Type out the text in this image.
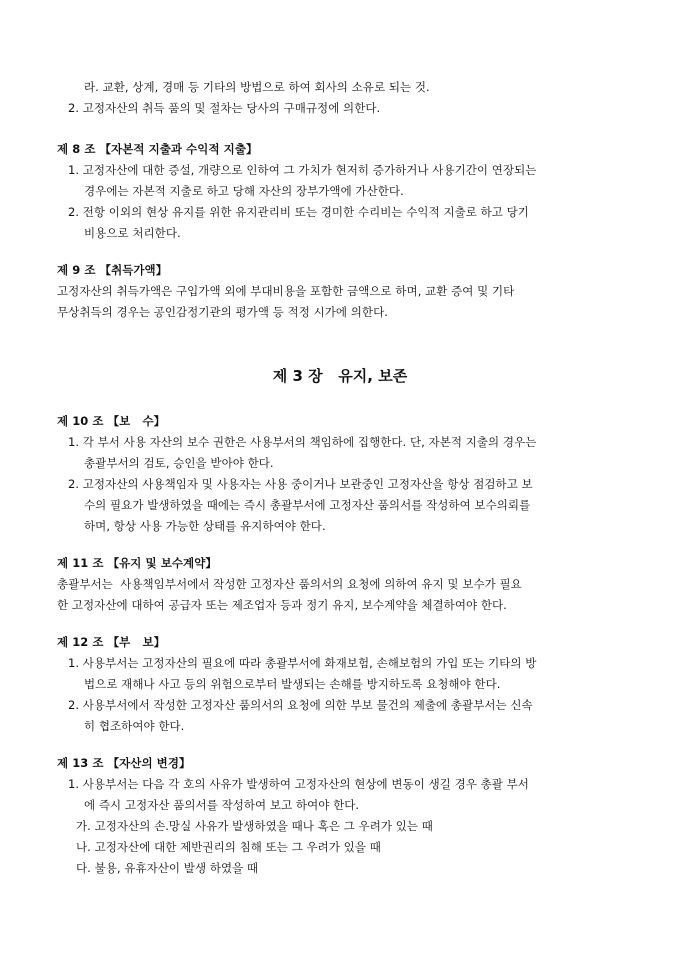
라. 교환, 상계, 경매 등 기타의 방법으로 하여 회사의 소유로 되는 것.
2. 고정자산의 취득 품의 및 절차는 당사의 구매규정에 의한다.
제 8 조 【자본적 지출과 수익적 지출】
1. 고정자산에 대한 증설, 개량으로 인하여 그 가치가 현저히 증가하거나 사용기간이 연장되는
경우에는 자본적 지출로 하고 당해 자산의 장부가액에 가산한다.
2. 전항 이외의 현상 유지를 위한 유지관리비 또는 경미한 수리비는 수익적 지출로 하고 당기
비용으로 처리한다.
제 9 조 【취득가액】
고정자산의 취득가액은 구입가액 외에 부대비용을 포함한 금액으로 하며, 교환 증여 및 기타
무상취득의 경우는 공인감정기관의 평가액 등 적정 시가에 의한다.
제 3 장   유지, 보존
제 10 조 【보   수】
1. 각 부서 사용 자산의 보수 권한은 사용부서의 책임하에 집행한다. 단, 자본적 지출의 경우는
총괄부서의 검토, 승인을 받아야 한다.
2. 고정자산의 사용책임자 및 사용자는 사용 중이거나 보관중인 고정자산을 항상 점검하고 보
수의 필요가 발생하였을 때에는 즉시 총괄부서에 고정자산 품의서를 작성하여 보수의뢰를
하며, 항상 사용 가능한 상태를 유지하여야 한다.
제 11 조 【유지 및 보수계약】
총괄부서는  사용책임부서에서 작성한 고정자산 품의서의 요청에 의하여 유지 및 보수가 필요
한 고정자산에 대하여 공급자 또는 제조업자 등과 정기 유지, 보수계약을 체결하여야 한다.
제 12 조 【부   보】
1. 사용부서는 고정자산의 필요에 따라 총괄부서에 화재보험, 손해보험의 가입 또는 기타의 방
법으로 재해나 사고 등의 위험으로부터 발생되는 손해를 방지하도록 요청해야 한다.
2. 사용부서에서 작성한 고정자산 품의서의 요청에 의한 부보 물건의 제출에 총괄부서는 신속
히 협조하여야 한다.
제 13 조 【자산의 변경】
1. 사용부서는 다음 각 호의 사유가 발생하여 고정자산의 현상에 변동이 생길 경우 총괄 부서
에 즉시 고정자산 품의서를 작성하여 보고 하여야 한다.
가. 고정자산의 손.망실 사유가 발생하였을 때나 혹은 그 우려가 있는 때
나. 고정자산에 대한 제반권리의 침해 또는 그 우려가 있을 때
다. 불용, 유휴자산이 발생 하였을 때
